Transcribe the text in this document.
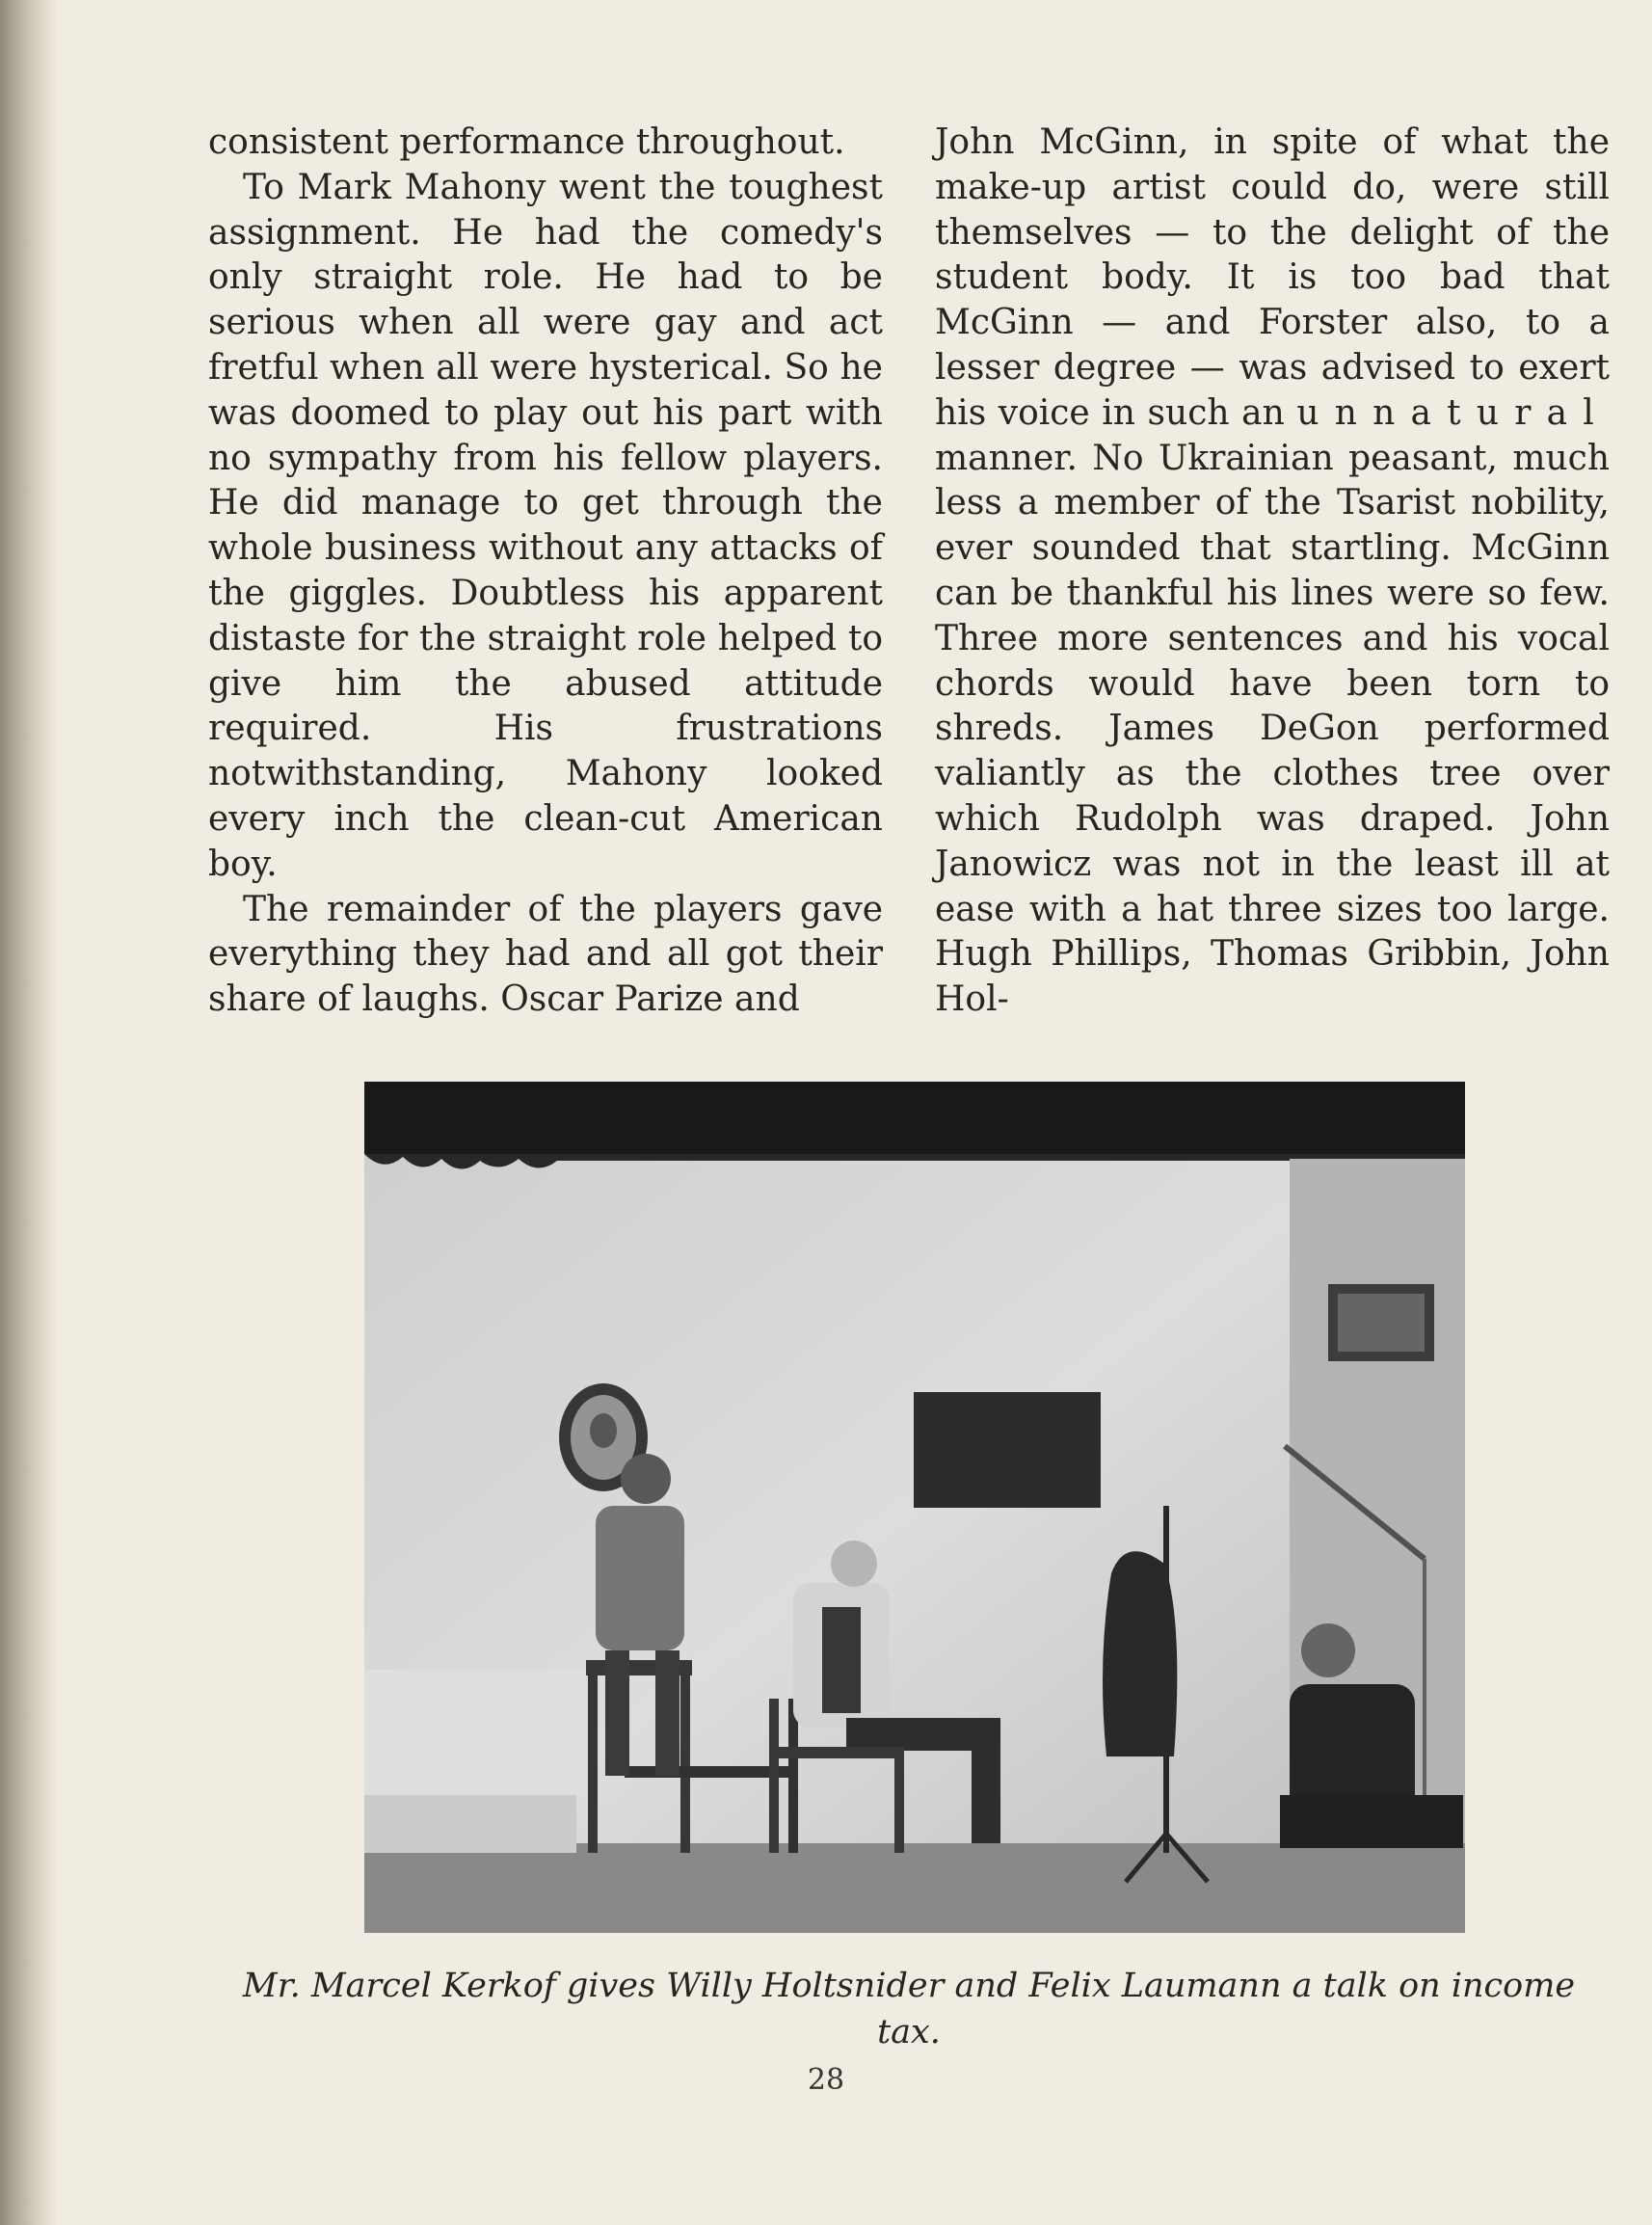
consistent performance throughout.

To Mark Mahony went the toughest assignment. He had the comedy's only straight role. He had to be serious when all were gay and act fretful when all were hysterical. So he was doomed to play out his part with no sympathy from his fellow players. He did manage to get through the whole business without any attacks of the giggles. Doubtless his apparent distaste for the straight role helped to give him the abused attitude required. His frustrations notwithstanding, Mahony looked every inch the clean-cut American boy.

The remainder of the players gave everything they had and all got their share of laughs. Oscar Parize and

John McGinn, in spite of what the make-up artist could do, were still themselves — to the delight of the student body. It is too bad that McGinn — and Forster also, to a lesser degree — was advised to exert his voice in such an unnatural manner. No Ukrainian peasant, much less a member of the Tsarist nobility, ever sounded that startling. McGinn can be thankful his lines were so few. Three more sentences and his vocal chords would have been torn to shreds. James DeGon performed valiantly as the clothes tree over which Rudolph was draped. John Janowicz was not in the least ill at ease with a hat three sizes too large. Hugh Phillips, Thomas Gribbin, John Hol-

Mr. Marcel Kerkof gives Willy Holtsnider and Felix Laumann a talk on income tax.
28
